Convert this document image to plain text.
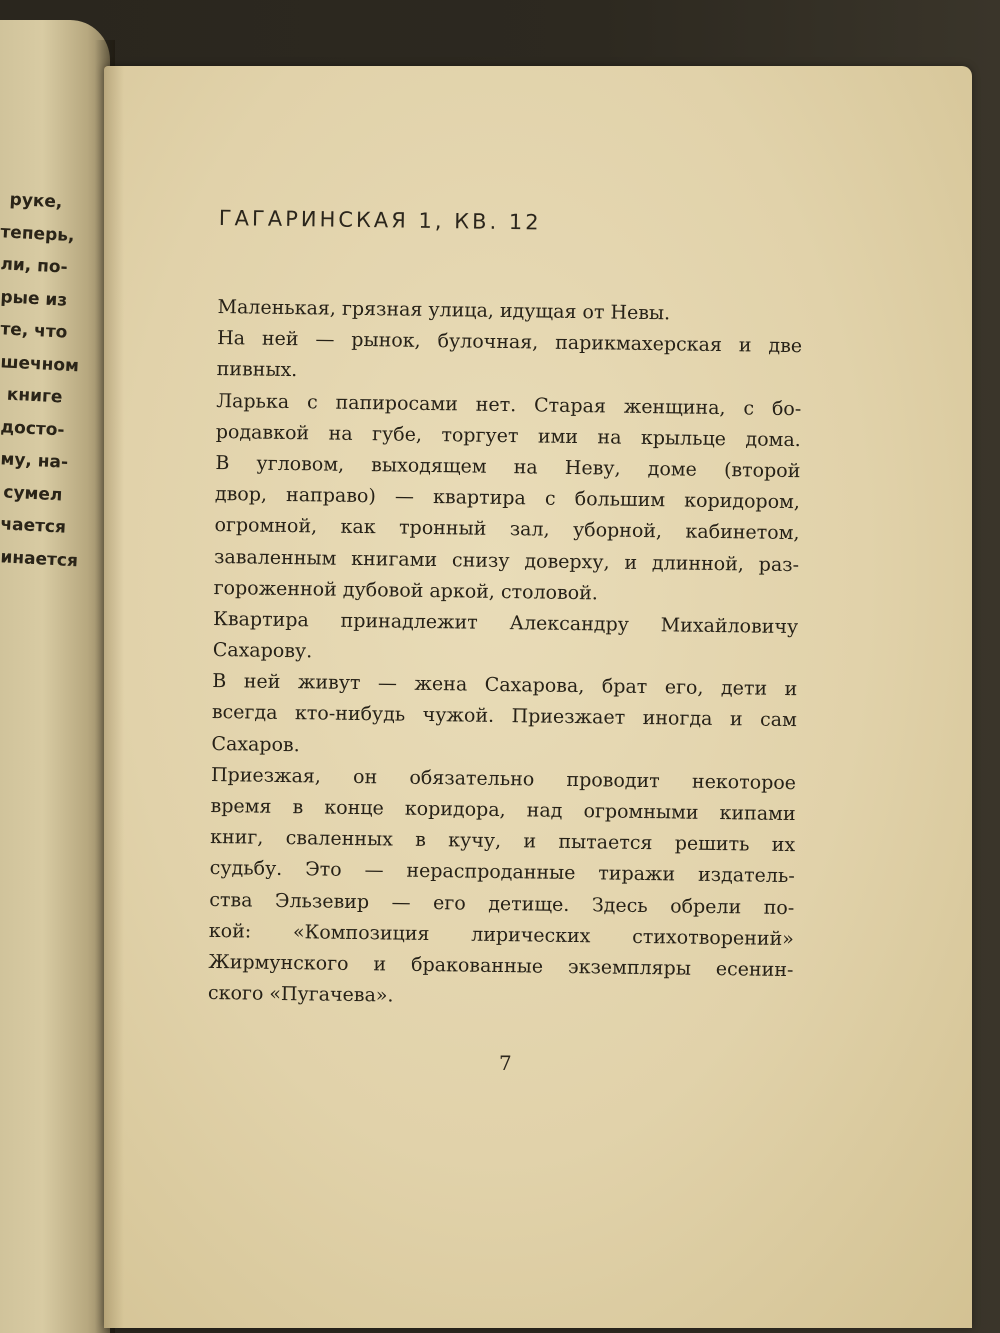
руке,
теперь,
ли, по-
рые из
те, что
шечном
книге
досто-
му, на-
сумел
чается
инается
ГАГАРИНСКАЯ 1, КВ. 12
Маленькая, грязная улица, идущая от Невы.
На ней — рынок, булочная, парикмахерская и две
пивных.
Ларька с папиросами нет. Старая женщина, с бо-
родавкой на губе, торгует ими на крыльце дома.
В угловом, выходящем на Неву, доме (второй
двор, направо) — квартира с большим коридором,
огромной, как тронный зал, уборной, кабинетом,
заваленным книгами снизу доверху, и длинной, раз-
гороженной дубовой аркой, столовой.
Квартира принадлежит Александру Михайловичу
Сахарову.
В ней живут — жена Сахарова, брат его, дети и
всегда кто-нибудь чужой. Приезжает иногда и сам
Сахаров.
Приезжая, он обязательно проводит некоторое
время в конце коридора, над огромными кипами
книг, сваленных в кучу, и пытается решить их
судьбу. Это — нераспроданные тиражи издатель-
ства Эльзевир — его детище. Здесь обрели по-
кой: «Композиция лирических стихотворений»
Жирмунского и бракованные экземпляры есенин-
ского «Пугачева».
7
